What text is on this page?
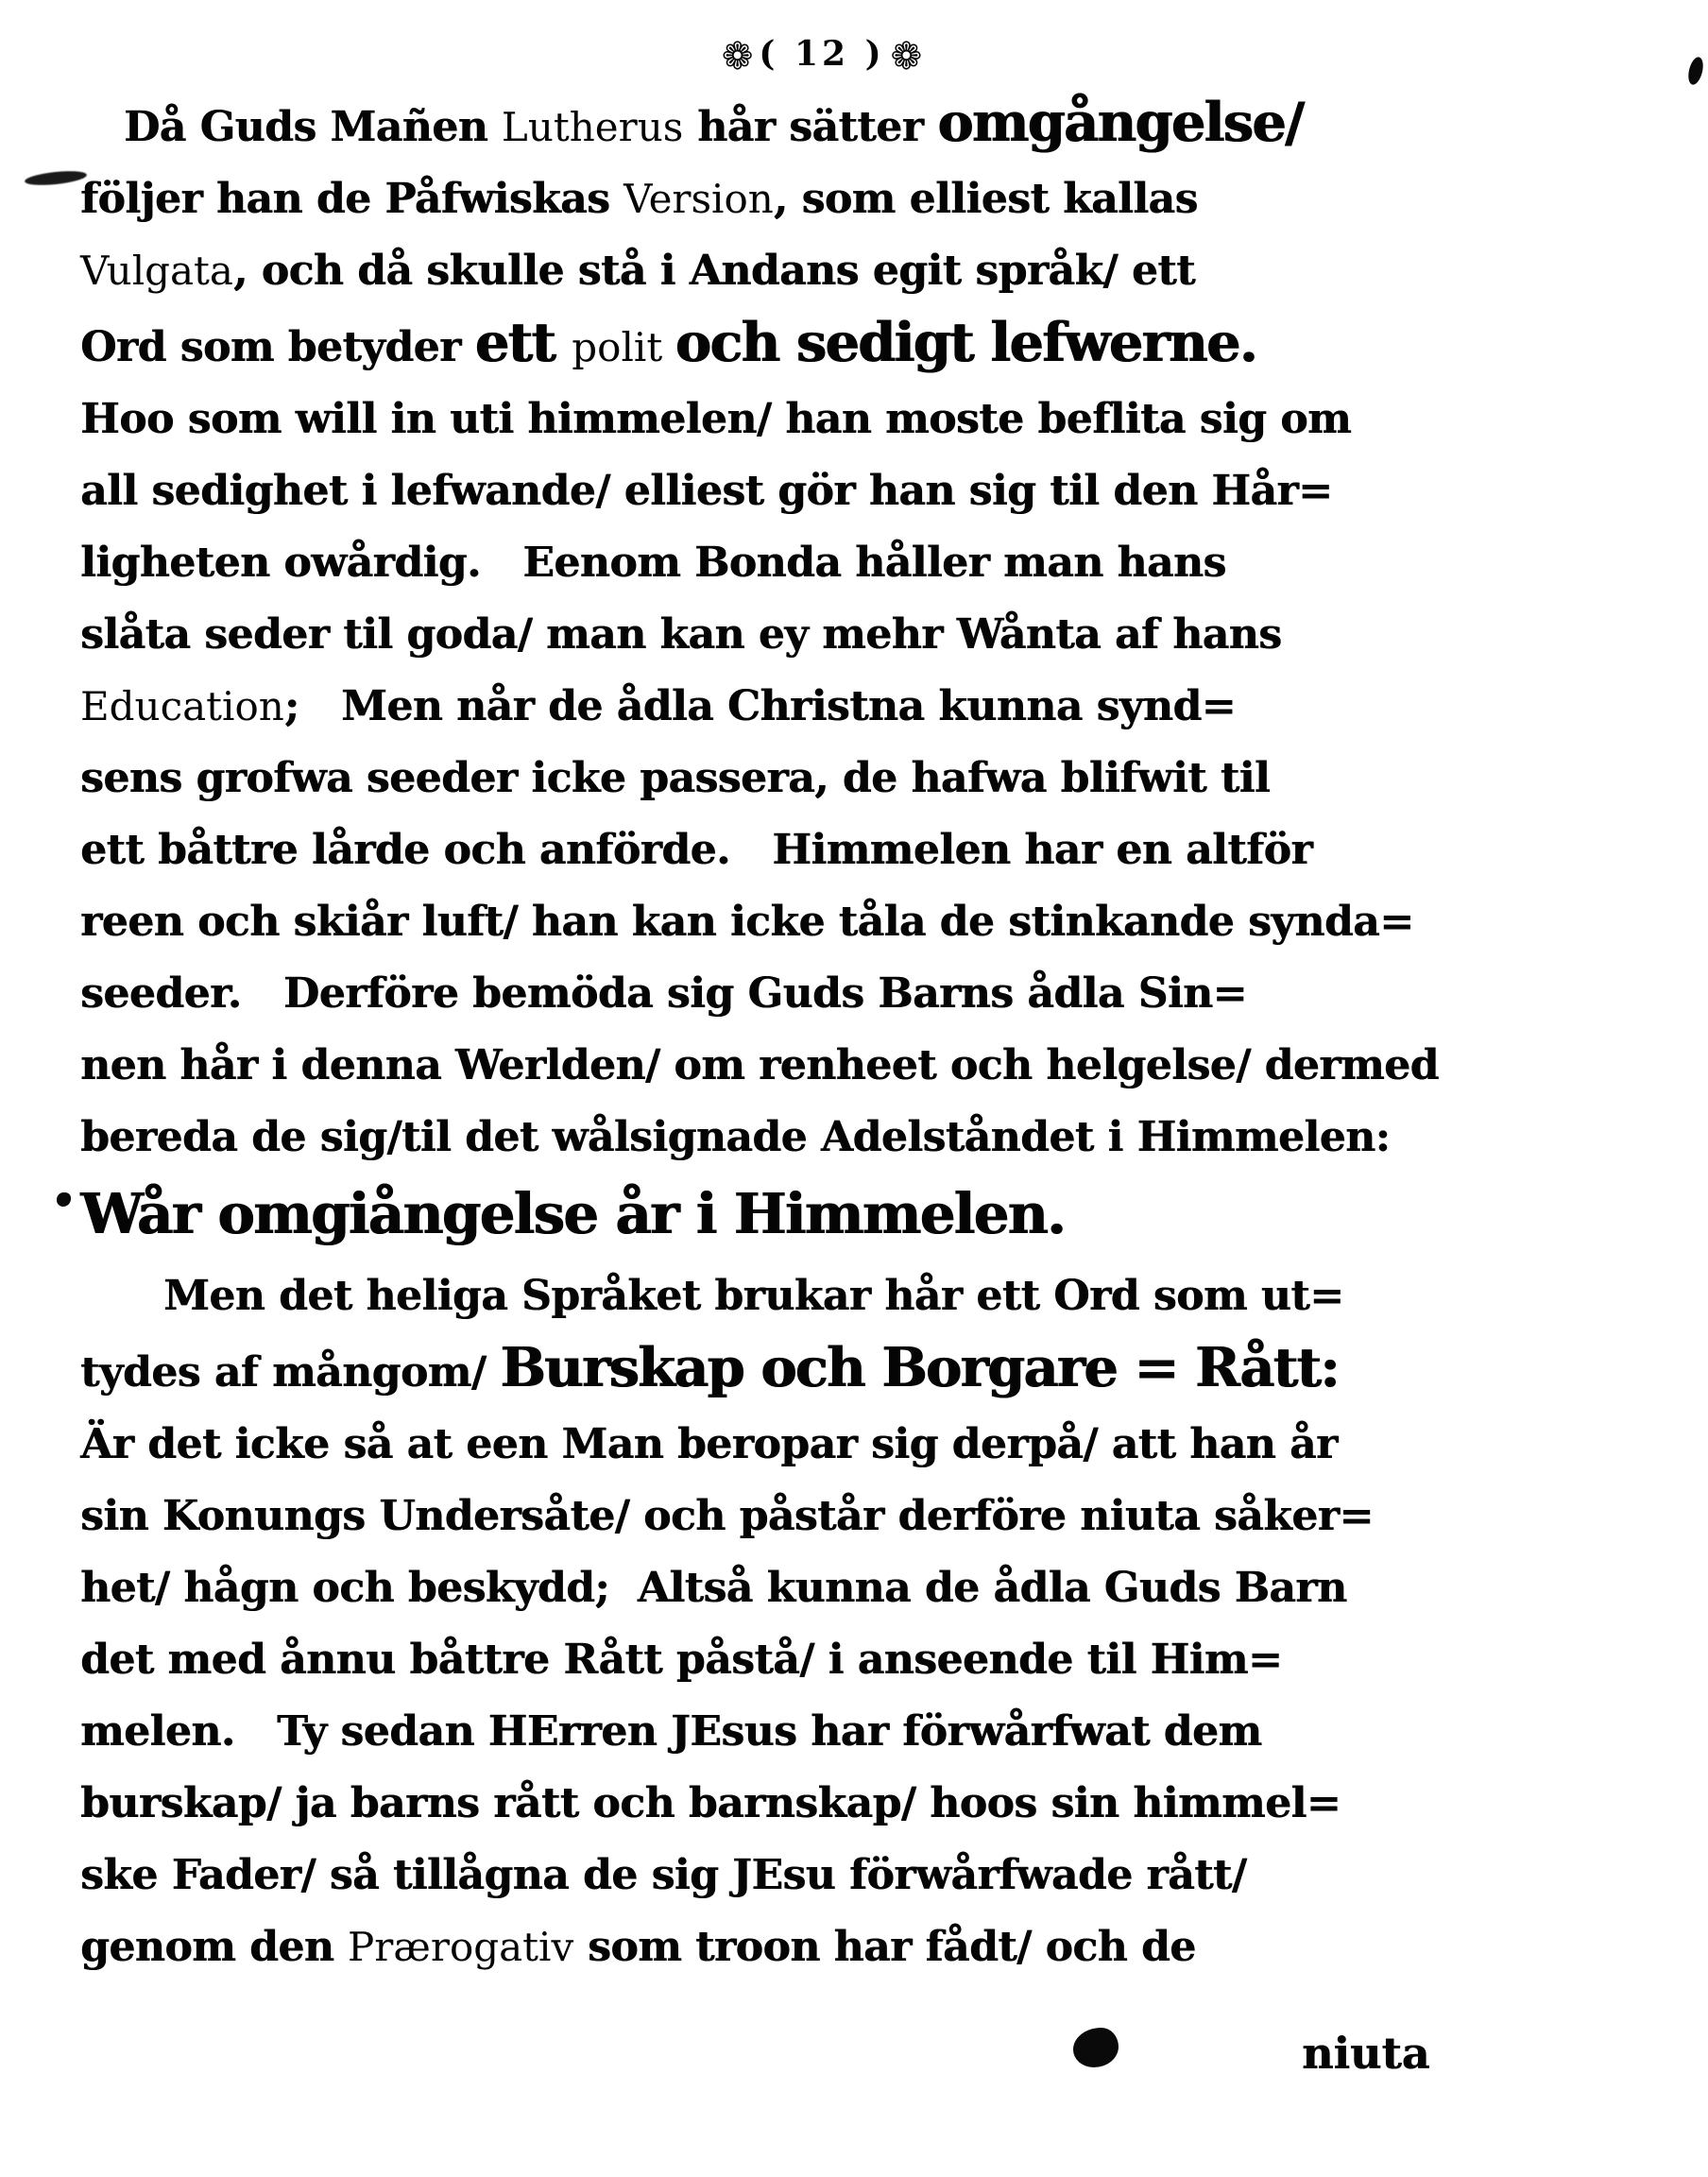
❁ ( 12 ) ❁
Då Guds Mañen Lutherus hår sätter omgångelse/
följer han de Påfwiskas Version, som elliest kallas
Vulgata, och då skulle stå i Andans egit språk/ ett
Ord som betyder ett polit och sedigt lefwerne.
Hoo som will in uti himmelen/ han moste beflita sig om
all sedighet i lefwande/ elliest gör han sig til den Hår=
ligheten owårdig.   Eenom Bonda håller man hans
slåta seder til goda/ man kan ey mehr Wånta af hans
Education;   Men når de ådla Christna kunna synd=
sens grofwa seeder icke passera, de hafwa blifwit til
ett båttre lårde och anförde.   Himmelen har en altför
reen och skiår luft/ han kan icke tåla de stinkande synda=
seeder.   Derföre bemöda sig Guds Barns ådla Sin=
nen hår i denna Werlden/ om renheet och helgelse/ dermed
bereda de sig/til det wålsignade Adelståndet i Himmelen:
Wår omgiångelse år i Himmelen.
Men det heliga Språket brukar hår ett Ord som ut=
tydes af mångom/ Burskap och Borgare = Rått:
Är det icke så at een Man beropar sig derpå/ att han år
sin Konungs Undersåte/ och påstår derföre niuta såker=
het/ hågn och beskydd;  Altså kunna de ådla Guds Barn
det med ånnu båttre Rått påstå/ i anseende til Him=
melen.   Ty sedan HErren JEsus har förwårfwat dem
burskap/ ja barns rått och barnskap/ hoos sin himmel=
ske Fader/ så tillågna de sig JEsu förwårfwade rått/
genom den Prærogativ som troon har fådt/ och de
niuta
